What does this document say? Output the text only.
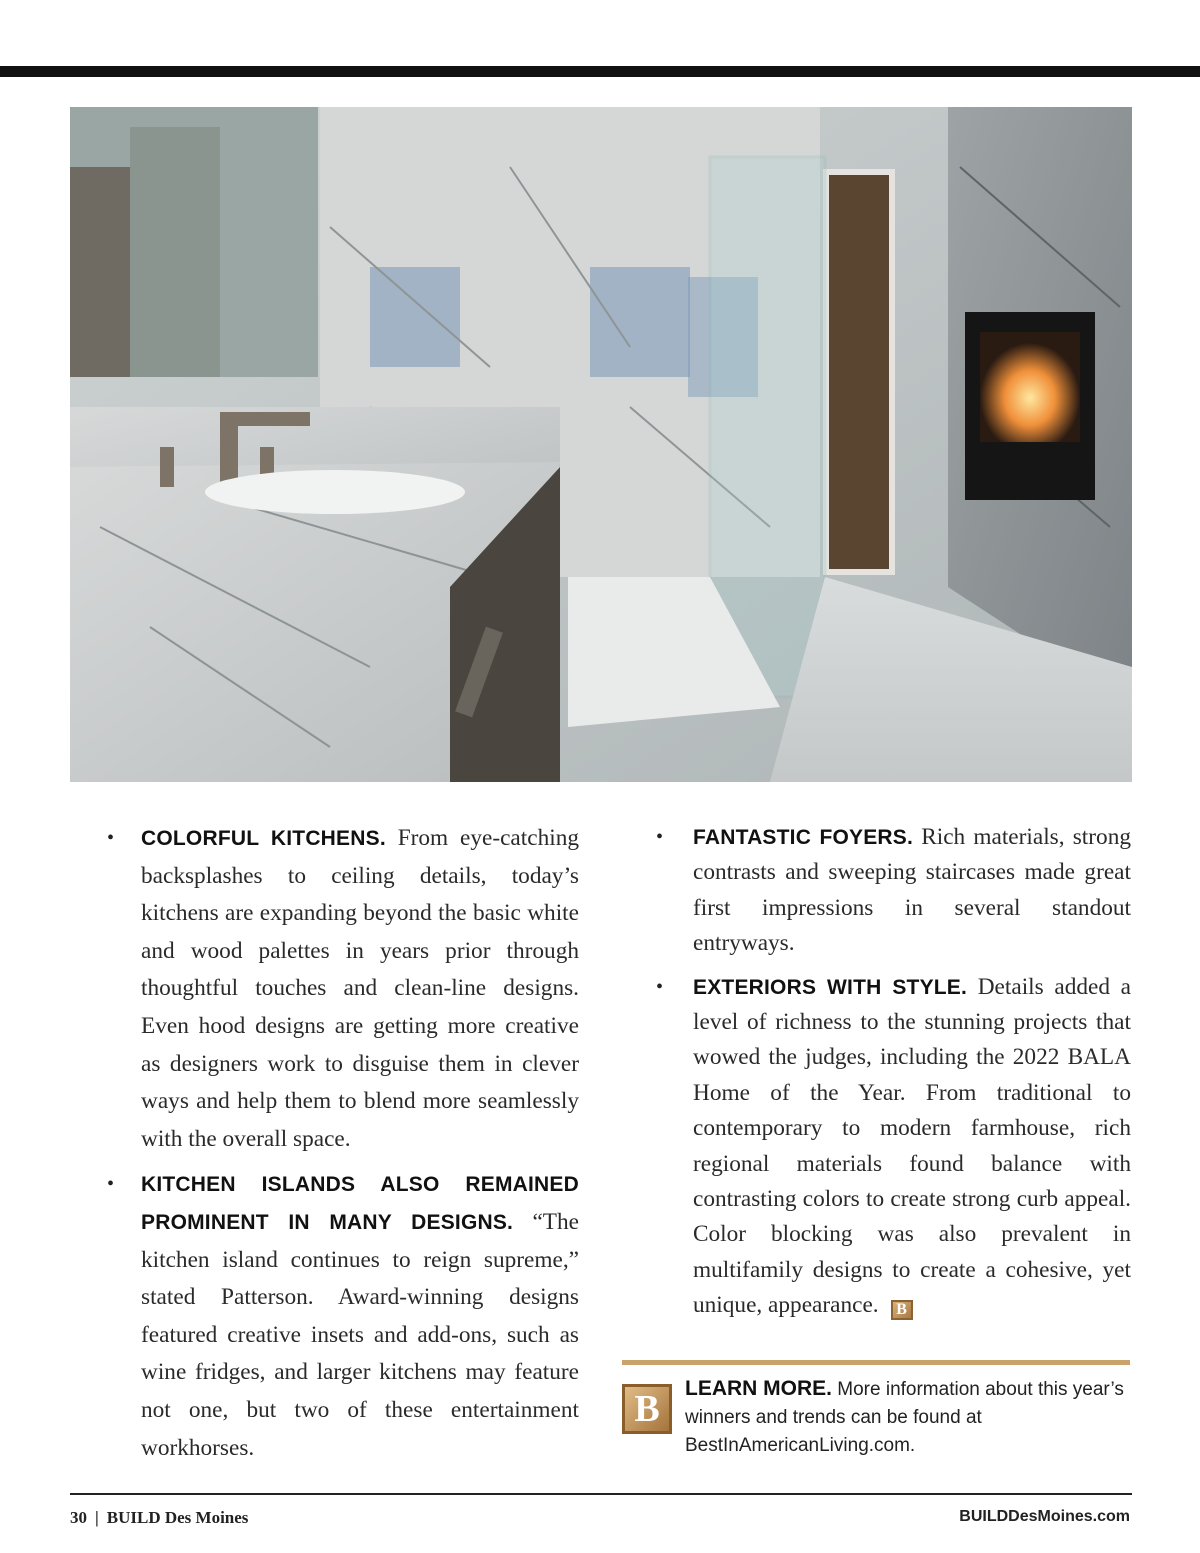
•	COLORFUL KITCHENS. From eye-catching backsplashes to ceiling details, today’s kitchens are expanding beyond the basic white and wood palettes in years prior through thoughtful touches and clean-line designs. Even hood designs are getting more creative as designers work to disguise them in clever ways and help them to blend more seamlessly with the overall space.

•	KITCHEN ISLANDS ALSO REMAINED PROMINENT IN MANY DESIGNS. “The kitchen island continues to reign supreme,” stated Patterson. Award-winning designs featured creative insets and add-ons, such as wine fridges, and larger kitchens may feature not one, but two of these entertainment workhorses.

•	FANTASTIC FOYERS. Rich materials, strong contrasts and sweeping staircases made great first impressions in several standout entryways.

•	EXTERIORS WITH STYLE. Details added a level of richness to the stunning projects that wowed the judges, including the 2022 BALA Home of the Year. From traditional to contemporary to modern farmhouse, rich regional materials found balance with contrasting colors to create strong curb appeal. Color blocking was also prevalent in multifamily designs to create a cohesive, yet unique, appearance. B

B	LEARN MORE. More information about this year’s winners and trends can be found at BestInAmericanLiving.com.

30 | BUILD Des Moines	BUILDDesMoines.com
